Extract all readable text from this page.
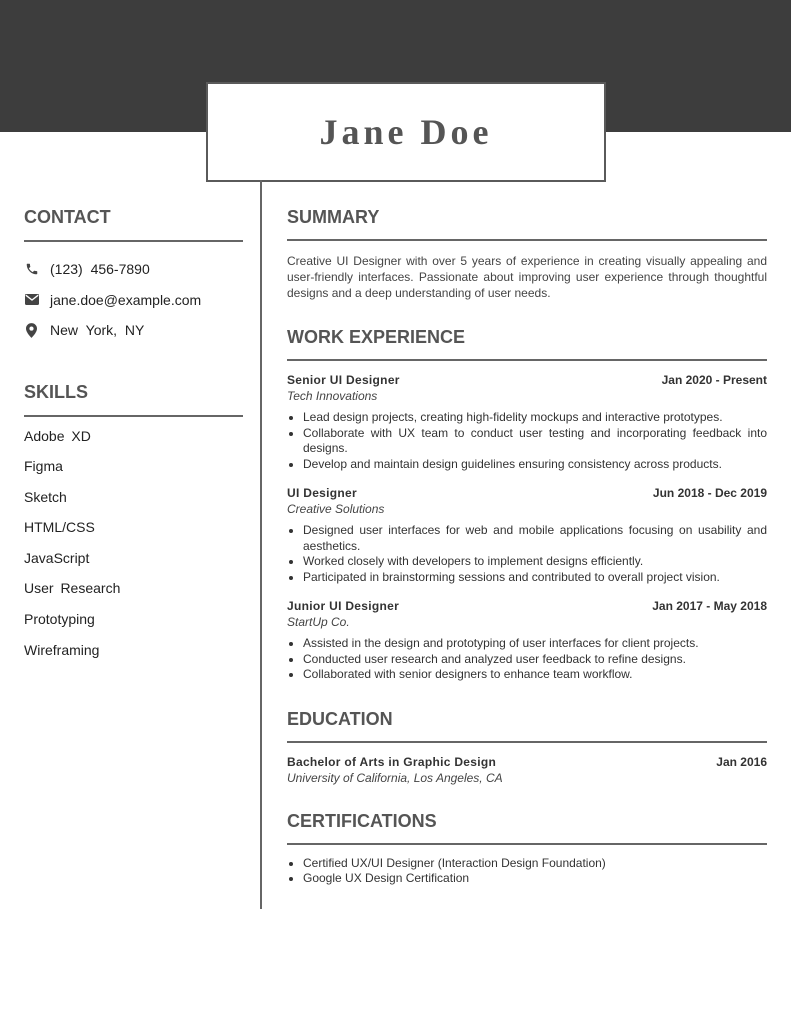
Jane Doe
CONTACT
(123) 456-7890
jane.doe@example.com
New York, NY
SKILLS
Adobe XD
Figma
Sketch
HTML/CSS
JavaScript
User Research
Prototyping
Wireframing
SUMMARY

Creative UI Designer with over 5 years of experience in creating visually appealing and user-friendly interfaces. Passionate about improving user experience through thoughtful designs and a deep understanding of user needs.

WORK EXPERIENCE
Senior UI Designer	Jan 2020 - Present
Tech Innovations
• Lead design projects, creating high-fidelity mockups and interactive prototypes.
• Collaborate with UX team to conduct user testing and incorporating feedback into designs.
• Develop and maintain design guidelines ensuring consistency across products.
UI Designer	Jun 2018 - Dec 2019
Creative Solutions
• Designed user interfaces for web and mobile applications focusing on usability and aesthetics.
• Worked closely with developers to implement designs efficiently.
• Participated in brainstorming sessions and contributed to overall project vision.
Junior UI Designer	Jan 2017 - May 2018
StartUp Co.
• Assisted in the design and prototyping of user interfaces for client projects.
• Conducted user research and analyzed user feedback to refine designs.
• Collaborated with senior designers to enhance team workflow.
EDUCATION
Bachelor of Arts in Graphic Design	Jan 2016
University of California, Los Angeles, CA
CERTIFICATIONS
• Certified UX/UI Designer (Interaction Design Foundation)
• Google UX Design Certification
